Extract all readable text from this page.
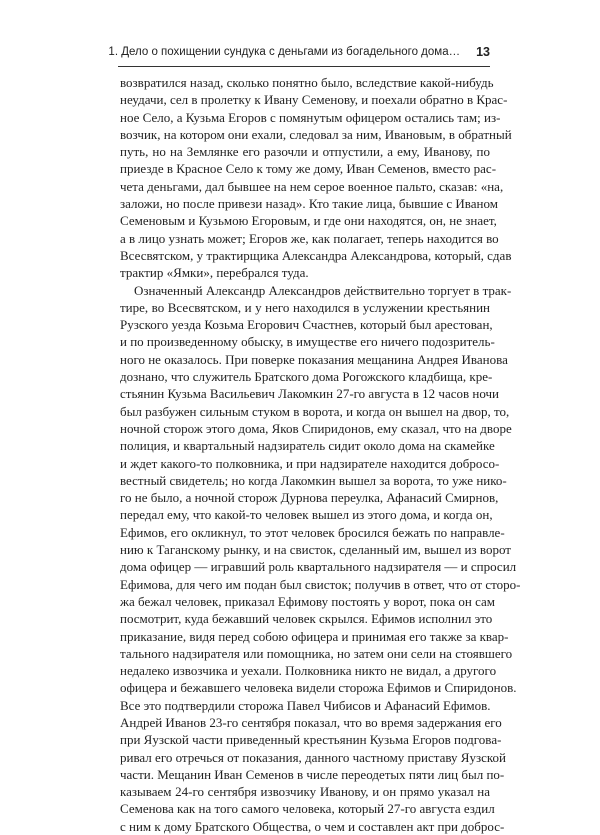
1. Дело о похищении сундука с деньгами из богадельного дома… 13
возвратился назад, сколько понятно было, вследствие какой-нибудь
неудачи, сел в пролетку к Ивану Семенову, и поехали обратно в Крас-
ное Село, а Кузьма Егоров с помянутым офицером остались там; из-
возчик, на котором они ехали, следовал за ним, Ивановым, в обратный
путь, но на Землянке его разочли и отпустили, а ему, Иванову, по
приезде в Красное Село к тому же дому, Иван Семенов, вместо рас-
чета деньгами, дал бывшее на нем серое военное пальто, сказав: «на,
заложи, но после привези назад». Кто такие лица, бывшие с Иваном
Семеновым и Кузьмою Егоровым, и где они находятся, он, не знает,
а в лицо узнать может; Егоров же, как полагает, теперь находится во
Всесвятском, у трактирщика Александра Александрова, который, сдав
трактир «Ямки», перебрался туда.
Означенный Александр Александров действительно торгует в трак-
тире, во Всесвятском, и у него находился в услужении крестьянин
Рузского уезда Козьма Егорович Счастнев, который был арестован,
и по произведенному обыску, в имуществе его ничего подозритель-
ного не оказалось. При поверке показания мещанина Андрея Иванова
дознано, что служитель Братского дома Рогожского кладбища, кре-
стьянин Кузьма Васильевич Лакомкин 27-го августа в 12 часов ночи
был разбужен сильным стуком в ворота, и когда он вышел на двор, то,
ночной сторож этого дома, Яков Спиридонов, ему сказал, что на дворе
полиция, и квартальный надзиратель сидит около дома на скамейке
и ждет какого-то полковника, и при надзирателе находится добросо-
вестный свидетель; но когда Лакомкин вышел за ворота, то уже нико-
го не было, а ночной сторож Дурнова переулка, Афанасий Смирнов,
передал ему, что какой-то человек вышел из этого дома, и когда он,
Ефимов, его окликнул, то этот человек бросился бежать по направле-
нию к Таганскому рынку, и на свисток, сделанный им, вышел из ворот
дома офицер — игравший роль квартального надзирателя — и спросил
Ефимова, для чего им подан был свисток; получив в ответ, что от сторо-
жа бежал человек, приказал Ефимову постоять у ворот, пока он сам
посмотрит, куда бежавший человек скрылся. Ефимов исполнил это
приказание, видя перед собою офицера и принимая его также за квар-
тального надзирателя или помощника, но затем они сели на стоявшего
недалеко извозчика и уехали. Полковника никто не видал, а другого
офицера и бежавшего человека видели сторожа Ефимов и Спиридонов.
Все это подтвердили сторожа Павел Чибисов и Афанасий Ефимов.
Андрей Иванов 23-го сентября показал, что во время задержания его
при Яузской части приведенный крестьянин Кузьма Егоров подговa-
ривал его отречься от показания, данного частному приставу Яузской
части. Мещанин Иван Семенов в числе переодетых пяти лиц был по-
казываем 24-го сентября извозчику Иванову, и он прямо указал на
Семенова как на того самого человека, который 27-го августа ездил
с ним к дому Братского Общества, о чем и составлен акт при доброс-
